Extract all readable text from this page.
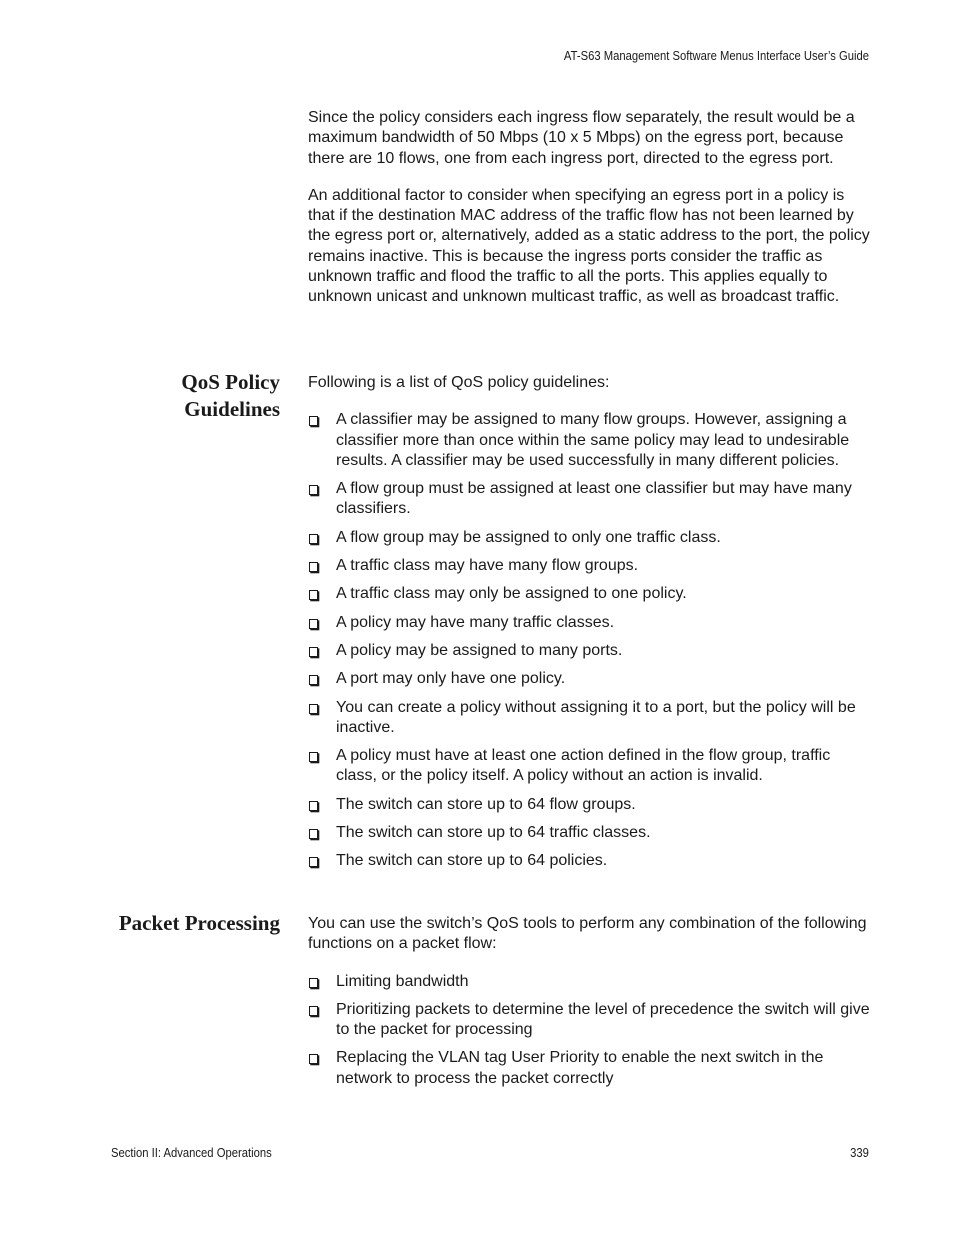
AT-S63 Management Software Menus Interface User’s Guide

Since the policy considers each ingress flow separately, the result would be a maximum bandwidth of 50 Mbps (10 x 5 Mbps) on the egress port, because there are 10 flows, one from each ingress port, directed to the egress port.

An additional factor to consider when specifying an egress port in a policy is that if the destination MAC address of the traffic flow has not been learned by the egress port or, alternatively, added as a static address to the port, the policy remains inactive. This is because the ingress ports consider the traffic as unknown traffic and flood the traffic to all the ports. This applies equally to unknown unicast and unknown multicast traffic, as well as broadcast traffic.

QoS Policy
Guidelines

Following is a list of QoS policy guidelines:

A classifier may be assigned to many flow groups. However, assigning a classifier more than once within the same policy may lead to undesirable results. A classifier may be used successfully in many different policies.
A flow group must be assigned at least one classifier but may have many classifiers.
A flow group may be assigned to only one traffic class.
A traffic class may have many flow groups.
A traffic class may only be assigned to one policy.
A policy may have many traffic classes.
A policy may be assigned to many ports.
A port may only have one policy.
You can create a policy without assigning it to a port, but the policy will be inactive.
A policy must have at least one action defined in the flow group, traffic class, or the policy itself. A policy without an action is invalid.
The switch can store up to 64 flow groups.
The switch can store up to 64 traffic classes.
The switch can store up to 64 policies.
Packet Processing You can use the switch’s QoS tools to perform any combination of the following functions on a packet flow:

Limiting bandwidth
Prioritizing packets to determine the level of precedence the switch will give to the packet for processing
Replacing the VLAN tag User Priority to enable the next switch in the network to process the packet correctly
Section II: Advanced Operations	339
